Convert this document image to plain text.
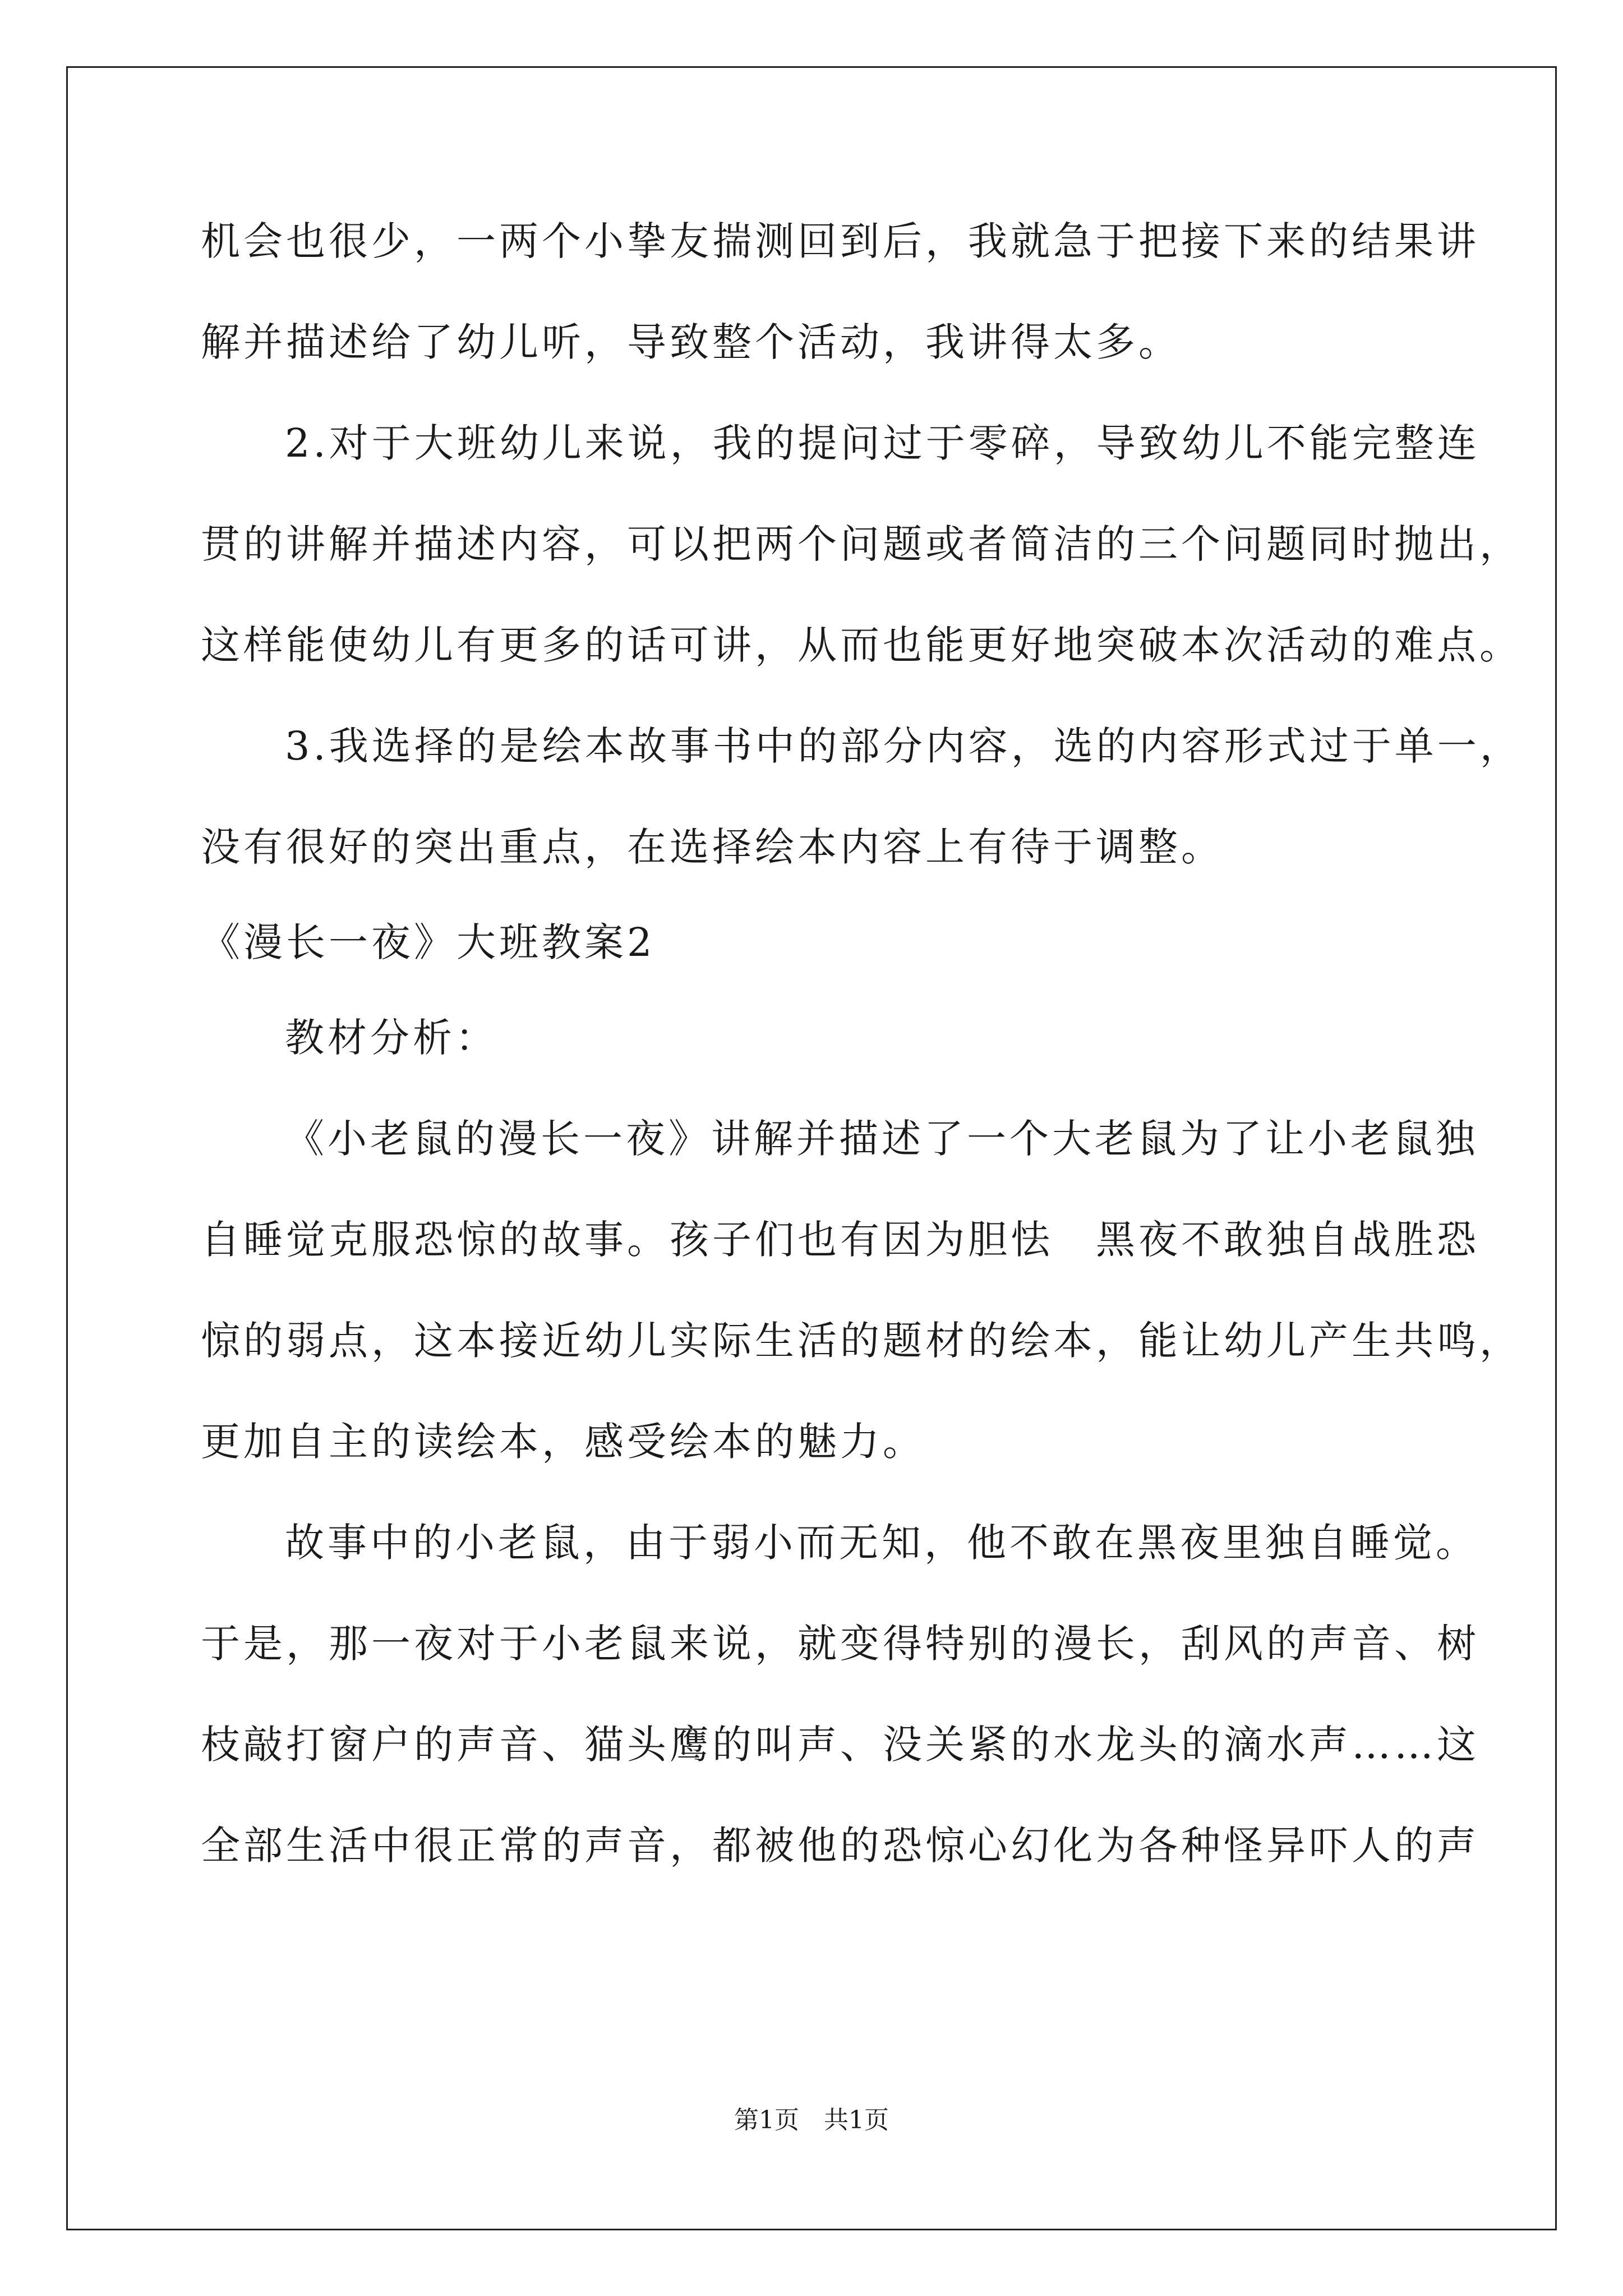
机会也很少，一两个小挚友揣测回到后，我就急于把接下来的结果讲
解并描述给了幼儿听，导致整个活动，我讲得太多。
2.对于大班幼儿来说，我的提问过于零碎，导致幼儿不能完整连
贯的讲解并描述内容，可以把两个问题或者简洁的三个问题同时抛出，
这样能使幼儿有更多的话可讲，从而也能更好地突破本次活动的难点。
3.我选择的是绘本故事书中的部分内容，选的内容形式过于单一，
没有很好的突出重点，在选择绘本内容上有待于调整。
《漫长一夜》大班教案2
教材分析：
《小老鼠的漫长一夜》讲解并描述了一个大老鼠为了让小老鼠独
自睡觉克服恐惊的故事。孩子们也有因为胆怯　黑夜不敢独自战胜恐
惊的弱点，这本接近幼儿实际生活的题材的绘本，能让幼儿产生共鸣，
更加自主的读绘本，感受绘本的魅力。
故事中的小老鼠，由于弱小而无知，他不敢在黑夜里独自睡觉。
于是，那一夜对于小老鼠来说，就变得特别的漫长，刮风的声音、树
枝敲打窗户的声音、猫头鹰的叫声、没关紧的水龙头的滴水声……这
全部生活中很正常的声音，都被他的恐惊心幻化为各种怪异吓人的声
第1页　共1页
